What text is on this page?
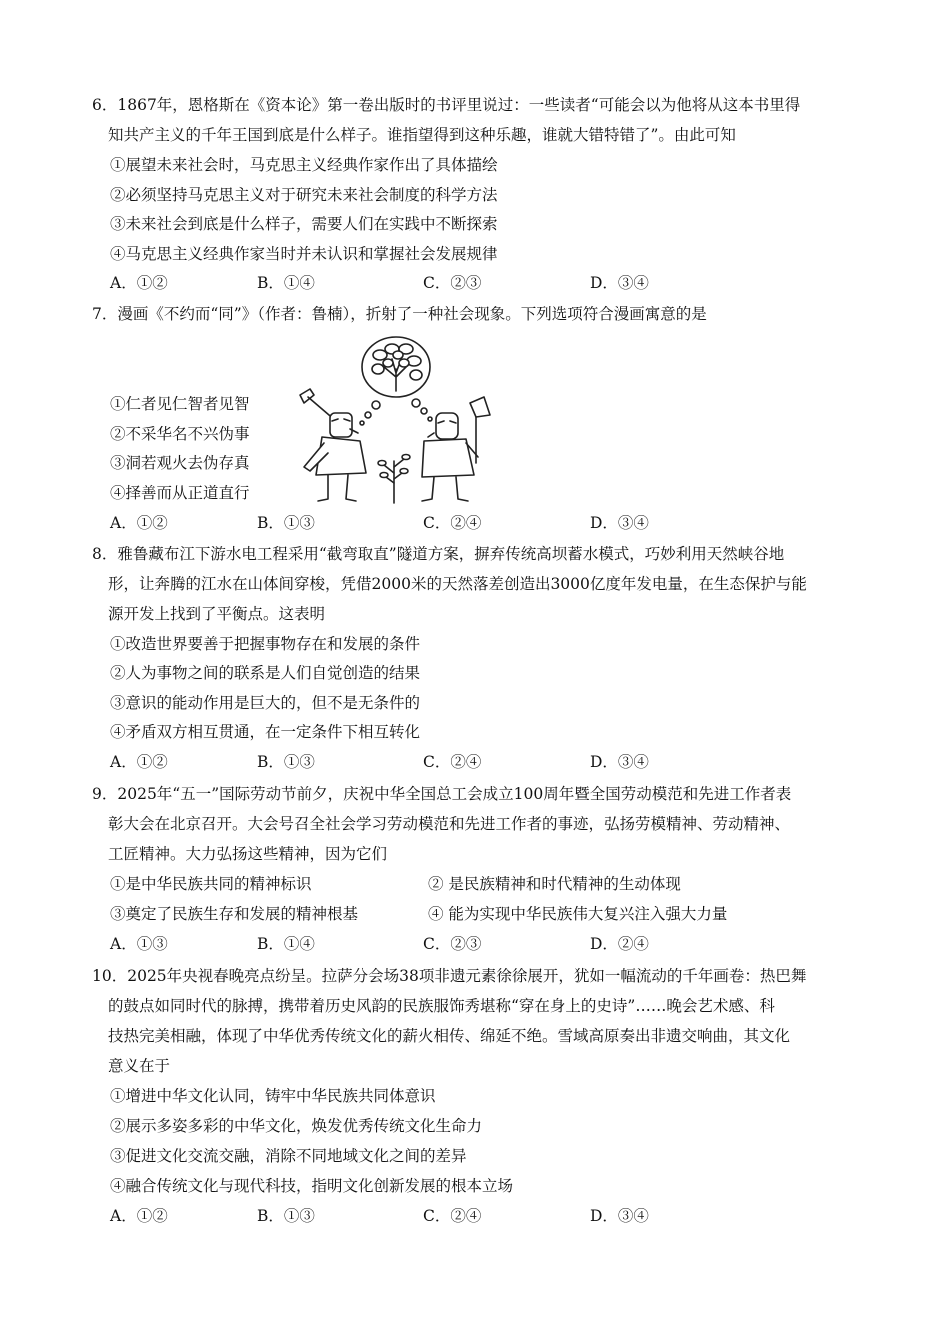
6．1867年，恩格斯在《资本论》第一卷出版时的书评里说过：一些读者“可能会以为他将从这本书里得
知共产主义的千年王国到底是什么样子。谁指望得到这种乐趣，谁就大错特错了”。由此可知
①展望未来社会时，马克思主义经典作家作出了具体描绘
②必须坚持马克思主义对于研究未来社会制度的科学方法
③未来社会到底是什么样子，需要人们在实践中不断探索
④马克思主义经典作家当时并未认识和掌握社会发展规律
A．①②	B．①④	C．②③	D．③④
7．漫画《不约而“同”》（作者：鲁楠），折射了一种社会现象。下列选项符合漫画寓意的是
①仁者见仁智者见智
②不采华名不兴伪事
③洞若观火去伪存真
④择善而从正道直行
A．①②	B．①③	C．②④	D．③④
8．雅鲁藏布江下游水电工程采用“截弯取直”隧道方案，摒弃传统高坝蓄水模式，巧妙利用天然峡谷地
形，让奔腾的江水在山体间穿梭，凭借2000米的天然落差创造出3000亿度年发电量，在生态保护与能
源开发上找到了平衡点。这表明
①改造世界要善于把握事物存在和发展的条件
②人为事物之间的联系是人们自觉创造的结果
③意识的能动作用是巨大的，但不是无条件的
④矛盾双方相互贯通，在一定条件下相互转化
A．①②	B．①③	C．②④	D．③④
9．2025年“五一”国际劳动节前夕，庆祝中华全国总工会成立100周年暨全国劳动模范和先进工作者表
彰大会在北京召开。大会号召全社会学习劳动模范和先进工作者的事迹，弘扬劳模精神、劳动精神、
工匠精神。大力弘扬这些精神，因为它们
①是中华民族共同的精神标识	② 是民族精神和时代精神的生动体现
③奠定了民族生存和发展的精神根基	④ 能为实现中华民族伟大复兴注入强大力量
A．①③	B．①④	C．②③	D．②④
10．2025年央视春晚亮点纷呈。拉萨分会场38项非遗元素徐徐展开，犹如一幅流动的千年画卷：热巴舞
的鼓点如同时代的脉搏，携带着历史风韵的民族服饰秀堪称“穿在身上的史诗”……晚会艺术感、科
技热完美相融，体现了中华优秀传统文化的薪火相传、绵延不绝。雪域高原奏出非遗交响曲，其文化
意义在于
①增进中华文化认同，铸牢中华民族共同体意识
②展示多姿多彩的中华文化，焕发优秀传统文化生命力
③促进文化交流交融，消除不同地域文化之间的差异
④融合传统文化与现代科技，指明文化创新发展的根本立场
A．①②	B．①③	C．②④	D．③④
